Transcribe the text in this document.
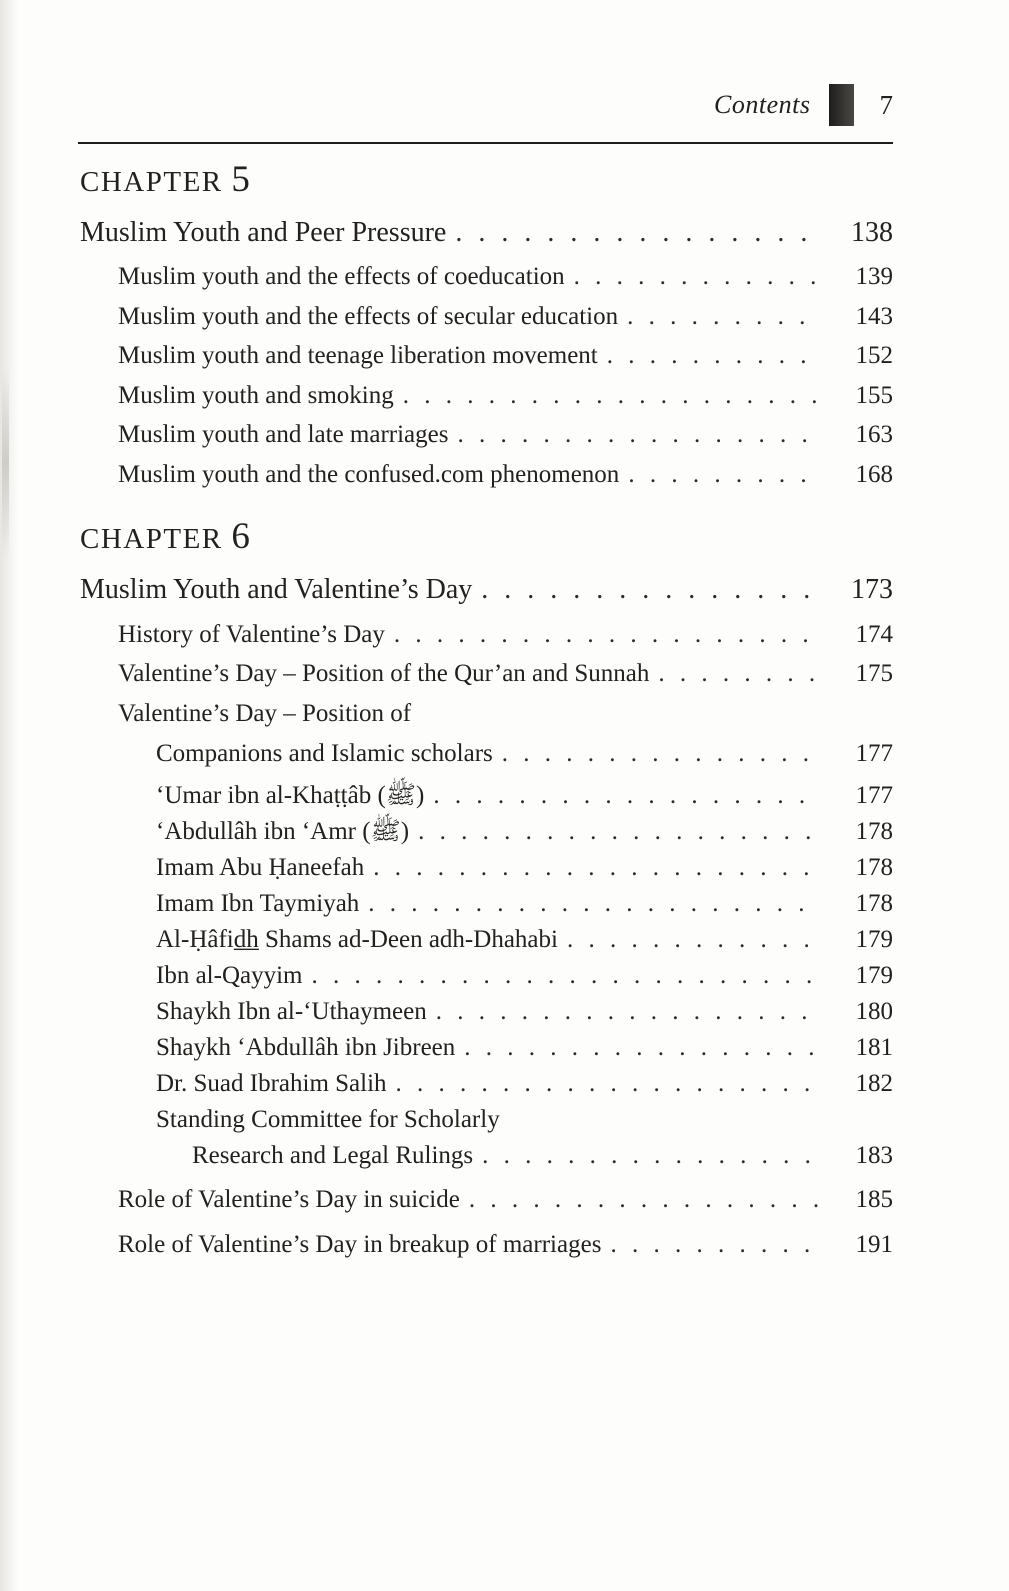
Contents	7
CHAPTER 5
Muslim Youth and Peer Pressure . . .	138
Muslim youth and the effects of coeducation . . .	139
Muslim youth and the effects of secular education . . .	143
Muslim youth and teenage liberation movement . . .	152
Muslim youth and smoking . . .	155
Muslim youth and late marriages . . .	163
Muslim youth and the confused.com phenomenon . . .	168
CHAPTER 6
Muslim Youth and Valentine’s Day . . .	173
History of Valentine’s Day . . .	174
Valentine’s Day – Position of the Qur’an and Sunnah . . .	175
Valentine’s Day – Position of
Companions and Islamic scholars . . .	177
‘Umar ibn al-Khaṭṭâb (ﷺ) . . .	177
‘Abdullâh ibn ‘Amr (ﷺ) . . .	178
Imam Abu Ḥaneefah . . .	178
Imam Ibn Taymiyah . . .	178
Al-Ḥâfid̲h̲ Shams ad-Deen adh-Dhahabi . . .	179
Ibn al-Qayyim . . .	179
Shaykh Ibn al-‘Uthaymeen . . .	180
Shaykh ‘Abdullâh ibn Jibreen . . .	181
Dr. Suad Ibrahim Salih . . .	182
Standing Committee for Scholarly
Research and Legal Rulings . . .	183
Role of Valentine’s Day in suicide . . .	185
Role of Valentine’s Day in breakup of marriages . . .	191
